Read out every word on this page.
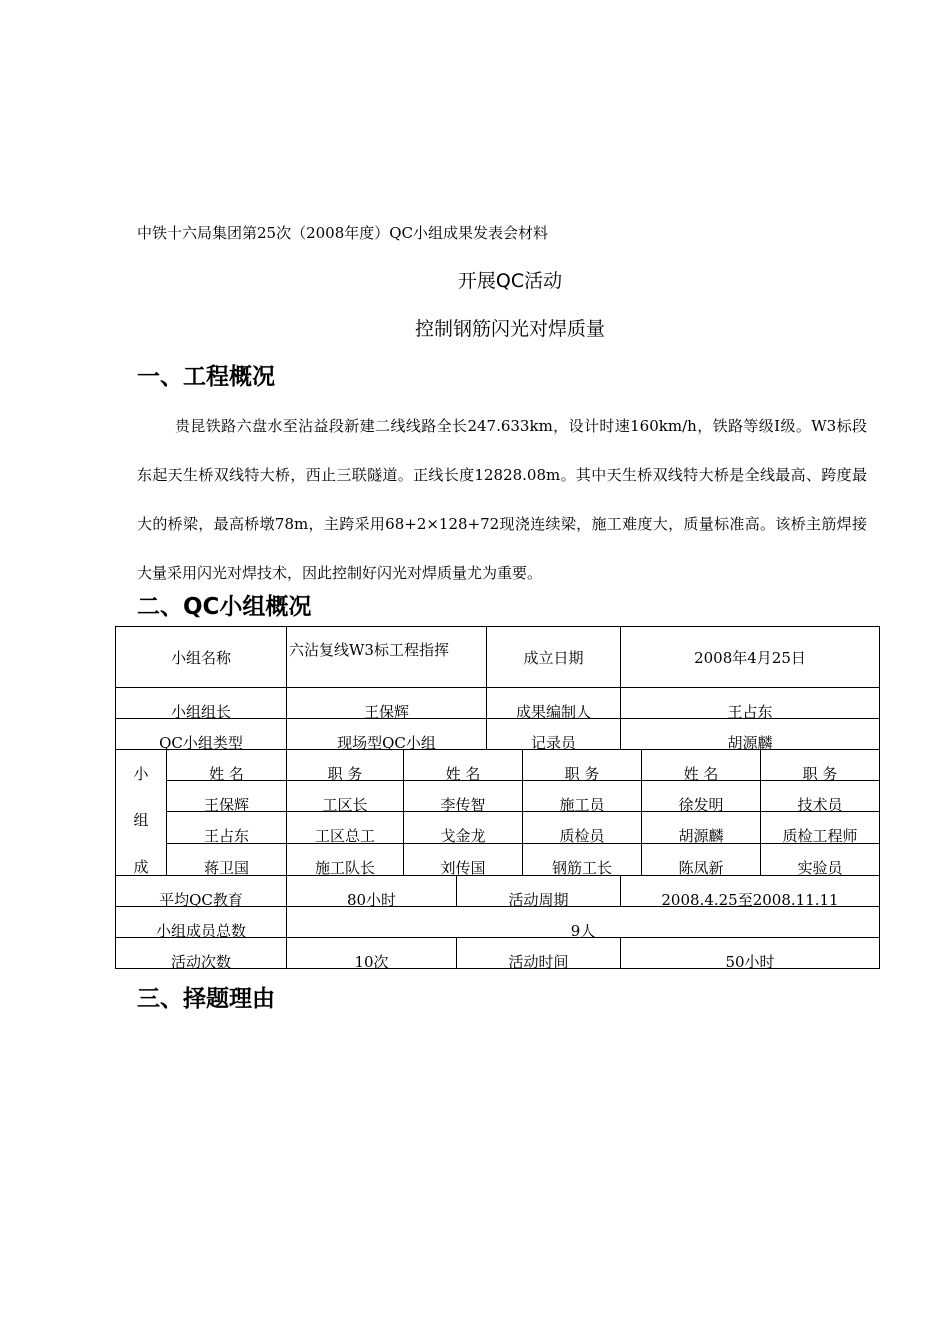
中铁十六局集团第25次（2008年度）QC小组成果发表会材料
开展QC活动
控制钢筋闪光对焊质量
一、工程概况
贵昆铁路六盘水至沾益段新建二线线路全长247.633km，设计时速160km/h，铁路等级Ⅰ级。W3标段东起天生桥双线特大桥，西止三联隧道。正线长度12828.08m。其中天生桥双线特大桥是全线最高、跨度最大的桥梁，最高桥墩78m，主跨采用68+2×128+72现浇连续梁，施工难度大，质量标准高。该桥主筋焊接大量采用闪光对焊技术，因此控制好闪光对焊质量尤为重要。
二、QC小组概况
小组名称	六沾复线W3标工程指挥	成立日期	2008年4月25日
小组组长	王保辉	成果编制人	王占东
QC小组类型	现场型QC小组	记录员	胡源麟
小
组
成
姓 名	职 务	姓 名	职 务	姓 名	职 务
王保辉	工区长	李传智	施工员	徐发明	技术员
王占东	工区总工	戈金龙	质检员	胡源麟	质检工程师
蒋卫国	施工队长	刘传国	钢筋工长	陈凤新	实验员
平均QC教育	80小时	活动周期	2008.4.25至2008.11.11
小组成员总数	9人
活动次数	10次	活动时间	50小时
三、择题理由
